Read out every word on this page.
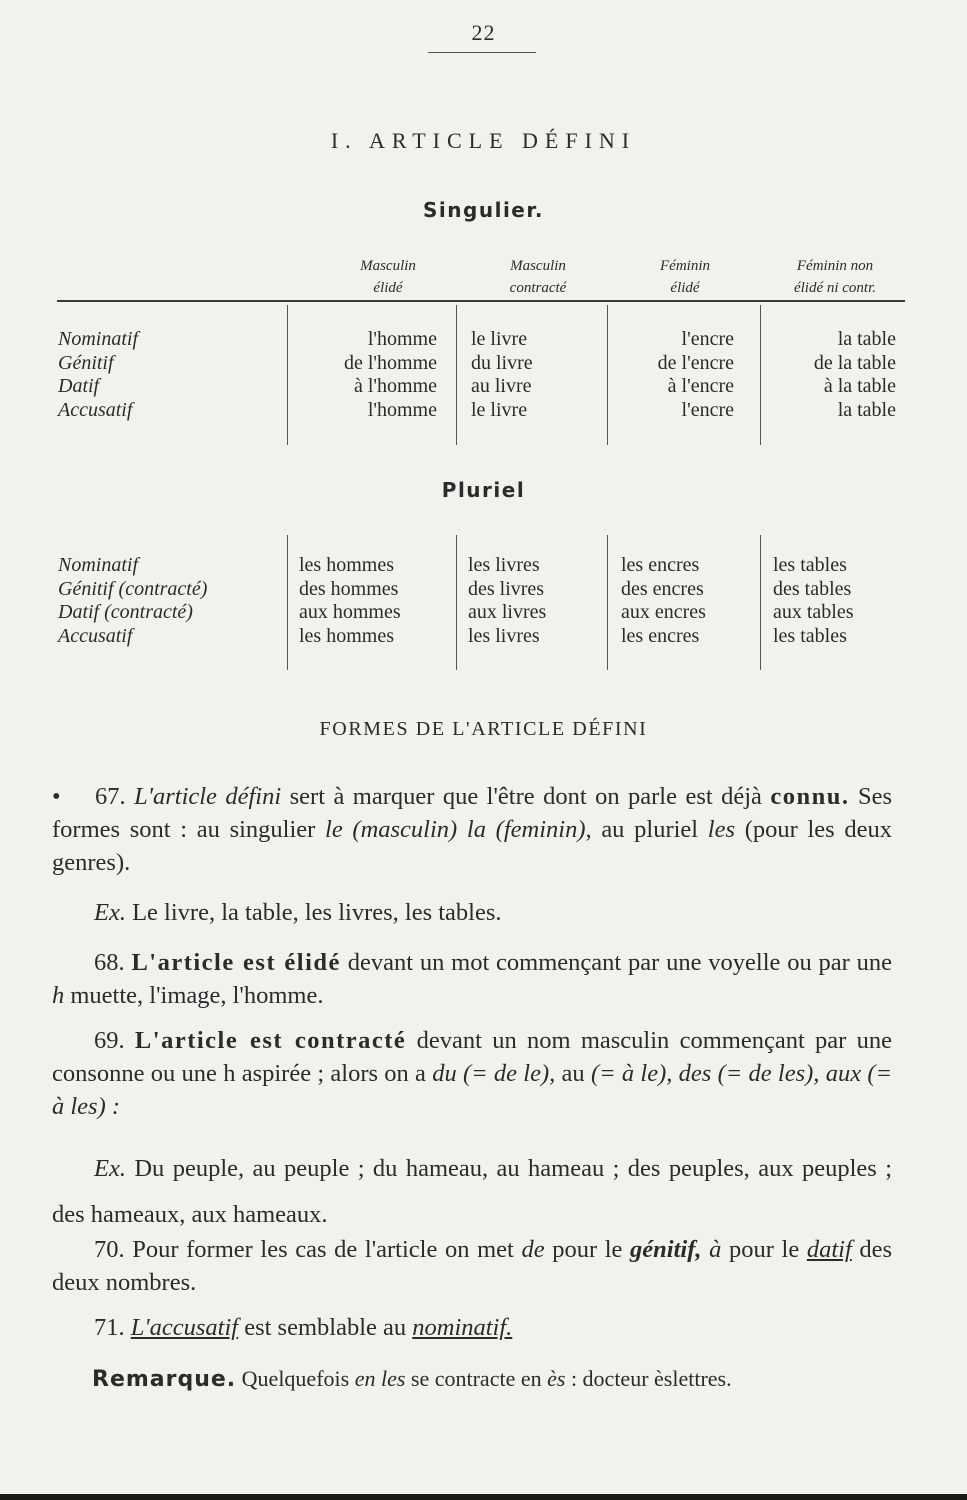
22
I. ARTICLE DÉFINI
Singulier.
Masculin
élidé
Masculin
contracté
Féminin
élidé
Féminin non
élidé ni contr.
Nominatif
Génitif
Datif
Accusatif
l'homme
de l'homme
à l'homme
l'homme
le livre
du livre
au livre
le livre
l'encre
de l'encre
à l'encre
l'encre
la table
de la table
à la table
la table
Pluriel
Nominatif
Génitif (contracté)
Datif (contracté)
Accusatif
les hommes
des hommes
aux hommes
les hommes
les livres
des livres
aux livres
les livres
les encres
des encres
aux encres
les encres
les tables
des tables
aux tables
les tables
FORMES DE L'ARTICLE DÉFINI
• 67. L'article défini sert à marquer que l'être dont on parle est déjà connu. Ses formes sont : au singulier le (masculin) la (feminin), au pluriel les (pour les deux genres).
Ex. Le livre, la table, les livres, les tables.
68. L'article est élidé devant un mot commençant par une voyelle ou par une h muette, l'image, l'homme.
69. L'article est contracté devant un nom masculin commençant par une consonne ou une h aspirée ; alors on a du (= de le), au (= à le), des (= de les), aux (= à les) :
Ex. Du peuple, au peuple ; du hameau, au hameau ; des peuples, aux peuples ; des hameaux, aux hameaux.
70. Pour former les cas de l'article on met de pour le génitif, à pour le datif des deux nombres.
71. L'accusatif est semblable au nominatif.
Remarque. Quelquefois en les se contracte en ès : docteur èslettres.
